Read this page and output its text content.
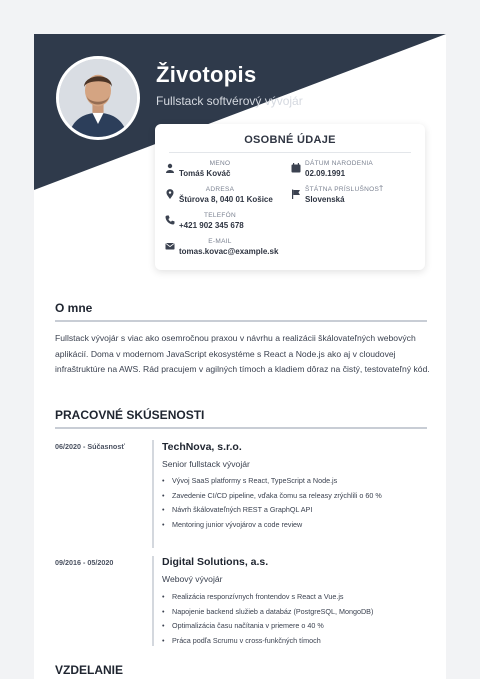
Životopis
Fullstack softvérový vývojár
OSOBNÉ ÚDAJE
MENO
Tomáš Kováč
DÁTUM NARODENIA
02.09.1991
ADRESA
Štúrova 8, 040 01 Košice
ŠTÁTNA PRÍSLUŠNOSŤ
Slovenská
TELEFÓN
+421 902 345 678
E-MAIL
tomas.kovac@example.sk
O mne
Fullstack vývojár s viac ako osemročnou praxou v návrhu a realizácii škálovateľných webových aplikácií. Doma v modernom JavaScript ekosystéme s React a Node.js ako aj v cloudovej infraštruktúre na AWS. Rád pracujem v agilných tímoch a kladiem dôraz na čistý, testovateľný kód.
PRACOVNÉ SKÚSENOSTI
06/2020 - Súčasnosť	TechNova, s.r.o.
Senior fullstack vývojár
• Vývoj SaaS platformy s React, TypeScript a Node.js
• Zavedenie CI/CD pipeline, vďaka čomu sa releasy zrýchlili o 60 %
• Návrh škálovateľných REST a GraphQL API
• Mentoring junior vývojárov a code review
09/2016 - 05/2020	Digital Solutions, a.s.
Webový vývojár
• Realizácia responzívnych frontendov s React a Vue.js
• Napojenie backend služieb a databáz (PostgreSQL, MongoDB)
• Optimalizácia času načítania v priemere o 40 %
• Práca podľa Scrumu v cross-funkčných tímoch
VZDELANIE
